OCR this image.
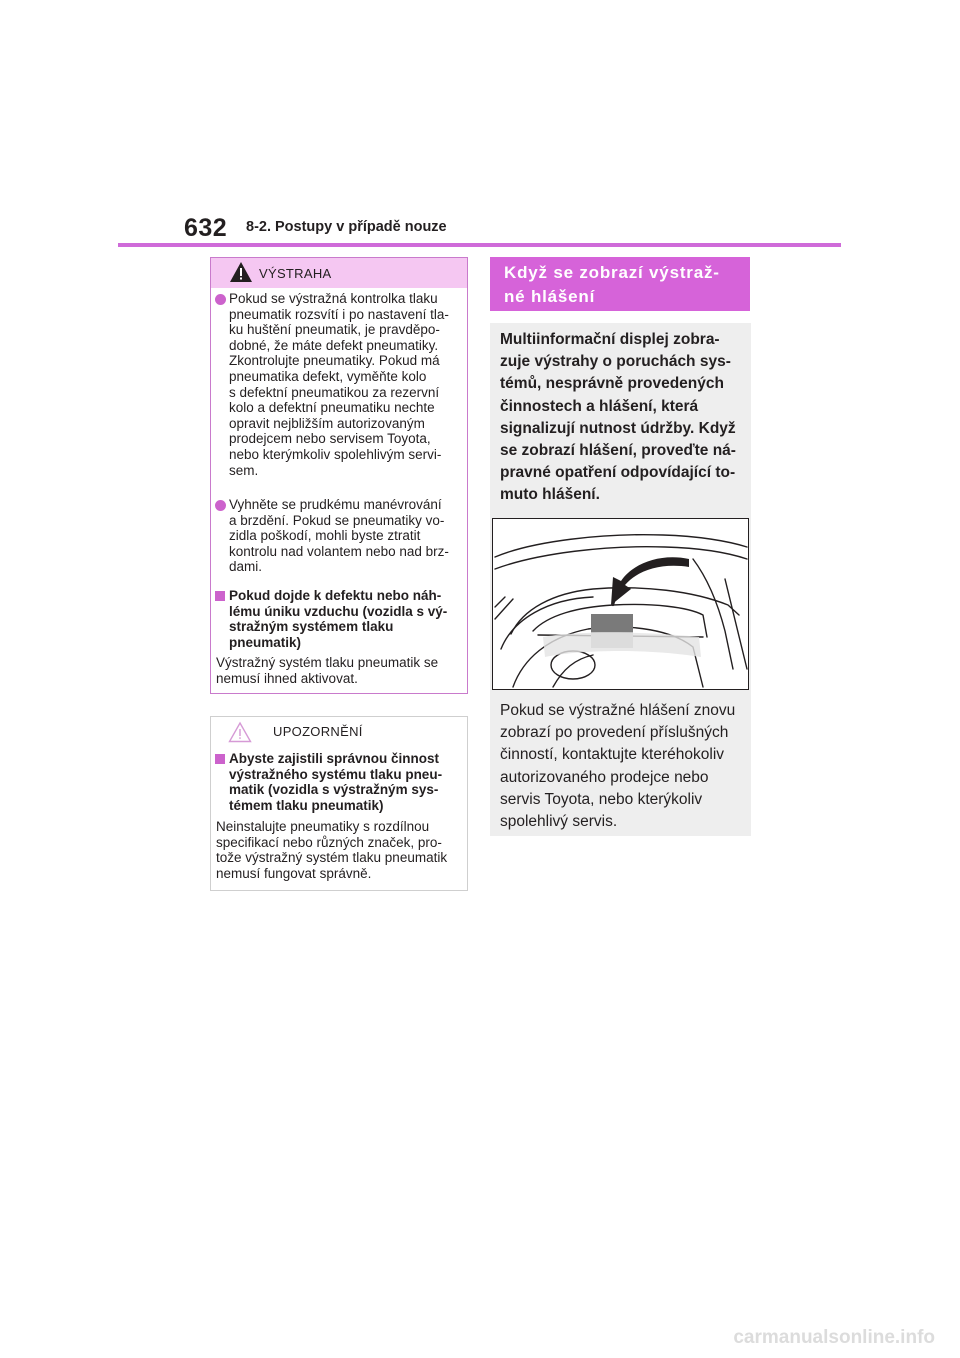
632 8-2. Postupy v případě nouze
VÝSTRAHA
Pokud se výstražná kontrolka tlaku
pneumatik rozsvítí i po nastavení tla-
ku huštění pneumatik, je pravděpo-
dobné, že máte defekt pneumatiky.
Zkontrolujte pneumatiky. Pokud má
pneumatika defekt, vyměňte kolo
s defektní pneumatikou za rezervní
kolo a defektní pneumatiku nechte
opravit nejbližším autorizovaným
prodejcem nebo servisem Toyota,
nebo kterýmkoliv spolehlivým servi-
sem.
Vyhněte se prudkému manévrování
a brzdění. Pokud se pneumatiky vo-
zidla poškodí, mohli byste ztratit
kontrolu nad volantem nebo nad brz-
dami.
Pokud dojde k defektu nebo náh-
lému úniku vzduchu (vozidla s vý-
stražným systémem tlaku
pneumatik)
Výstražný systém tlaku pneumatik se
nemusí ihned aktivovat.
UPOZORNĚNÍ
Abyste zajistili správnou činnost
výstražného systému tlaku pneu-
matik (vozidla s výstražným sys-
témem tlaku pneumatik)
Neinstalujte pneumatiky s rozdílnou
specifikací nebo různých značek, pro-
tože výstražný systém tlaku pneumatik
nemusí fungovat správně.
Když se zobrazí výstraž-
né hlášení
Multiinformační displej zobra-
zuje výstrahy o poruchách sys-
témů, nesprávně provedených
činnostech a hlášení, která
signalizují nutnost údržby. Když
se zobrazí hlášení, proveďte ná-
pravné opatření odpovídající to-
muto hlášení.
Pokud se výstražné hlášení znovu
zobrazí po provedení příslušných
činností, kontaktujte kteréhokoliv
autorizovaného prodejce nebo
servis Toyota, nebo kterýkoliv
spolehlivý servis.
carmanualsonline.info
